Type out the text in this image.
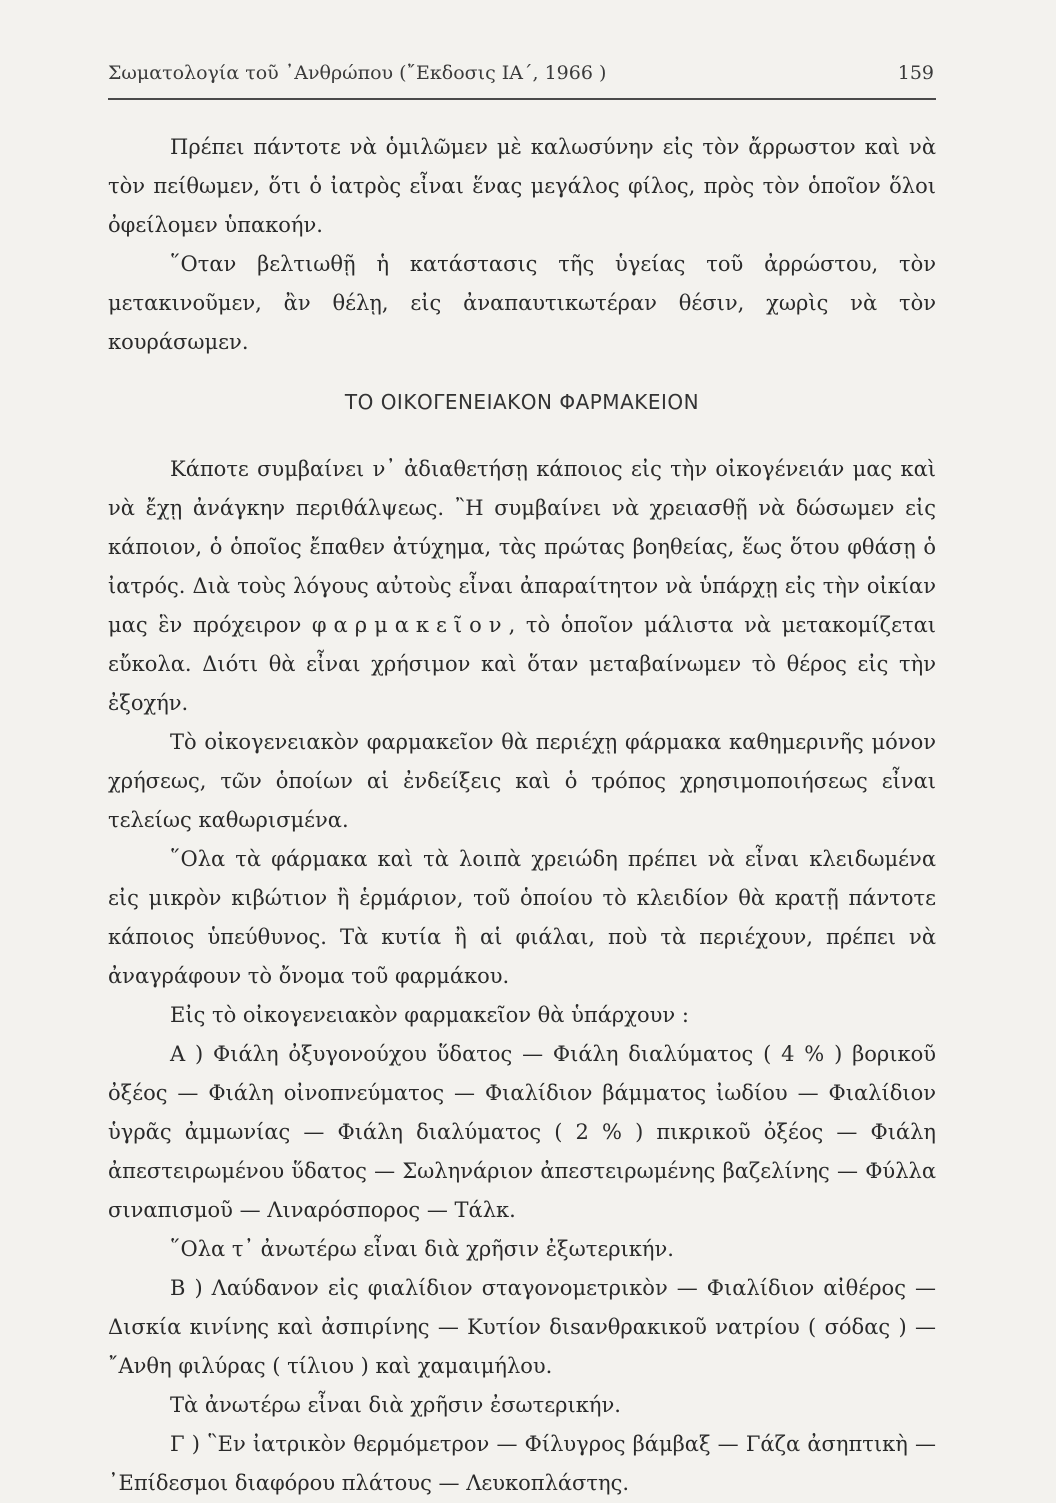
Σωματολογία τοῦ ᾿Ανθρώπου (῎Εκδοσις ΙΑ΄, 1966 )	159

Πρέπει πάντοτε νὰ ὁμιλῶμεν μὲ καλωσύνην εἰς τὸν ἄρρωστον καὶ νὰ τὸν πείθωμεν, ὅτι ὁ ἰατρὸς εἶναι ἕνας μεγάλος φίλος, πρὸς τὸν ὁποῖον ὅλοι ὀφείλομεν ὑπακοήν.

῞Οταν βελτιωθῇ ἡ κατάστασις τῆς ὑγείας τοῦ ἀρρώστου, τὸν μετακινοῦμεν, ἂν θέλῃ, εἰς ἀναπαυτικωτέραν θέσιν, χωρὶς νὰ τὸν κουράσωμεν.

ΤΟ ΟΙΚΟΓΕΝΕΙΑΚΟΝ ΦΑΡΜΑΚΕΙΟΝ

Κάποτε συμβαίνει ν᾿ ἀδιαθετήσῃ κάποιος εἰς τὴν οἰκογένειάν μας καὶ νὰ ἔχῃ ἀνάγκην περιθάλψεως. ῍Η συμβαίνει νὰ χρειασθῇ νὰ δώσωμεν εἰς κάποιον, ὁ ὁποῖος ἔπαθεν ἀτύχημα, τὰς πρώτας βοηθείας, ἕως ὅτου φθάσῃ ὁ ἰατρός. Διὰ τοὺς λόγους αὐτοὺς εἶναι ἀπαραίτητον νὰ ὑπάρχῃ εἰς τὴν οἰκίαν μας ἓν πρόχειρον φαρμακεῖον, τὸ ὁποῖον μάλιστα νὰ μετακομίζεται εὔκολα. Διότι θὰ εἶναι χρήσιμον καὶ ὅταν μεταβαίνωμεν τὸ θέρος εἰς τὴν ἐξοχήν.

Τὸ οἰκογενειακὸν φαρμακεῖον θὰ περιέχῃ φάρμακα καθημερινῆς μόνον χρήσεως, τῶν ὁποίων αἱ ἐνδείξεις καὶ ὁ τρόπος χρησιμοποιήσεως εἶναι τελείως καθωρισμένα.

῞Ολα τὰ φάρμακα καὶ τὰ λοιπὰ χρειώδη πρέπει νὰ εἶναι κλειδωμένα εἰς μικρὸν κιβώτιον ἢ ἑρμάριον, τοῦ ὁποίου τὸ κλειδίον θὰ κρατῇ πάντοτε κάποιος ὑπεύθυνος. Τὰ κυτία ἢ αἱ φιάλαι, ποὺ τὰ περιέχουν, πρέπει νὰ ἀναγράφουν τὸ ὄνομα τοῦ φαρμάκου.

Εἰς τὸ οἰκογενειακὸν φαρμακεῖον θὰ ὑπάρχουν :

Α ) Φιάλη ὀξυγονούχου ὕδατος — Φιάλη διαλύματος ( 4 % ) βορικοῦ ὀξέος — Φιάλη οἰνοπνεύματος — Φιαλίδιον βάμματος ἰωδίου — Φιαλίδιον ὑγρᾶς ἀμμωνίας — Φιάλη διαλύματος ( 2 % ) πικρικοῦ ὀξέος — Φιάλη ἀπεστειρωμένου ὕδατος — Σωληνάριον ἀπεστειρωμένης βαζελίνης — Φύλλα σιναπισμοῦ — Λιναρόσπορος — Τάλκ.

῞Ολα τ᾿ ἀνωτέρω εἶναι διὰ χρῆσιν ἐξωτερικήν.

Β ) Λαύδανον εἰς φιαλίδιον σταγονομετρικὸν — Φιαλίδιον αἰθέρος — Δισκία κινίνης καὶ ἀσπιρίνης — Κυτίον διsανθρακικοῦ νατρίου ( σόδας ) — ῎Ανθη φιλύρας ( τίλιου ) καὶ χαμαιμήλου.

Τὰ ἀνωτέρω εἶναι διὰ χρῆσιν ἐσωτερικήν.

Γ ) ῝Εν ἰατρικὸν θερμόμετρον — Φίλυγρος βάμβαξ — Γάζα ἀσηπτικὴ — ᾿Επίδεσμοι διαφόρου πλάτους — Λευκοπλάστης.
